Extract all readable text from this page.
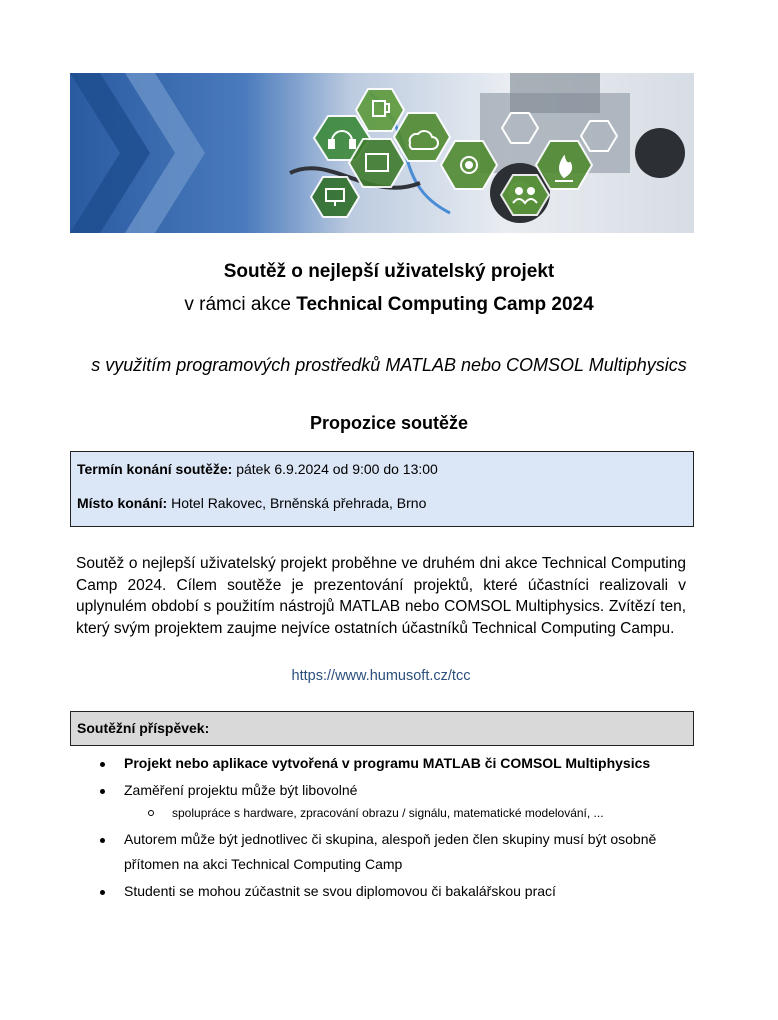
Soutěž o nejlepší uživatelský projekt
v rámci akce Technical Computing Camp 2024
s využitím programových prostředků MATLAB nebo COMSOL Multiphysics
Propozice soutěže
Termín konání soutěže: pátek 6.9.2024 od 9:00 do 13:00
Místo konání: Hotel Rakovec, Brněnská přehrada, Brno
Soutěž o nejlepší uživatelský projekt proběhne ve druhém dni akce Technical Computing Camp 2024. Cílem soutěže je prezentování projektů, které účastníci realizovali v uplynulém období s použitím nástrojů MATLAB nebo COMSOL Multiphysics. Zvítězí ten, který svým projektem zaujme nejvíce ostatních účastníků Technical Computing Campu.
https://www.humusoft.cz/tcc
Soutěžní příspěvek:
Projekt nebo aplikace vytvořená v programu MATLAB či COMSOL Multiphysics
Zaměření projektu může být libovolné
spolupráce s hardware, zpracování obrazu / signálu, matematické modelování, ...
Autorem může být jednotlivec či skupina, alespoň jeden člen skupiny musí být osobně
přítomen na akci Technical Computing Camp
Studenti se mohou zúčastnit se svou diplomovou či bakalářskou prací
